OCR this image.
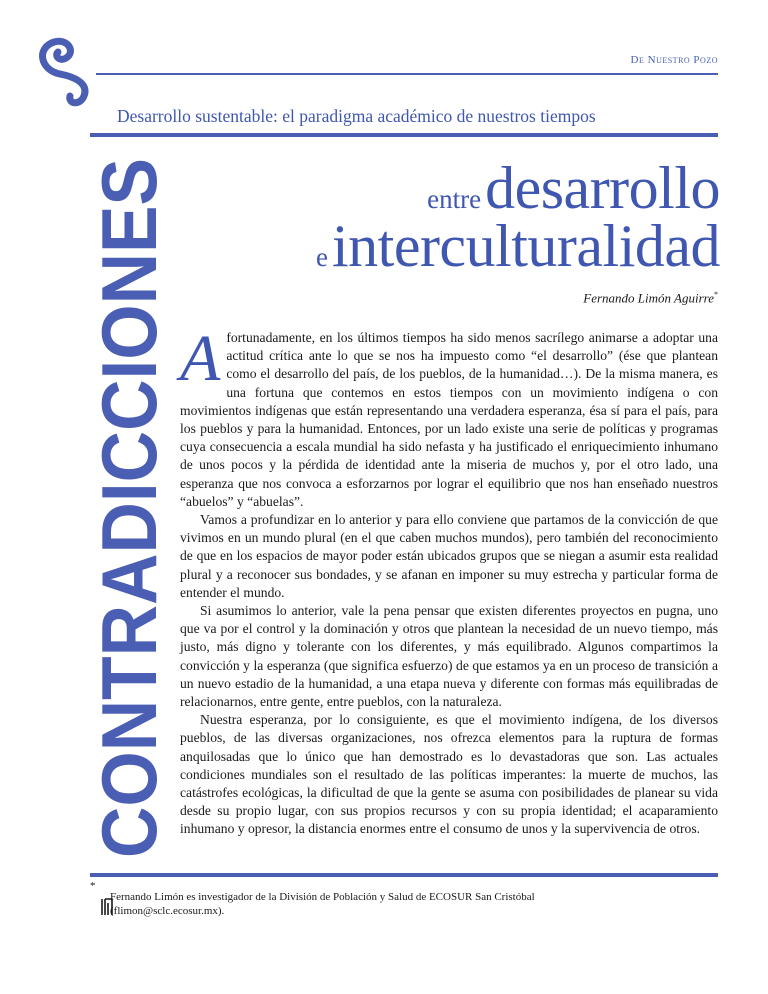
De Nuestro Pozo
Desarrollo sustentable: el paradigma académico de nuestros tiempos
CONTRADICCIONES	entre desarrollo
e interculturalidad
Fernando Limón Aguirre*

Afortunadamente, en los últimos tiempos ha sido menos sacrílego animarse a adoptar una actitud crítica ante lo que se nos ha impuesto como “el desarrollo” (ése que plantean como el desarrollo del país, de los pueblos, de la humanidad…). De la misma manera, es una fortuna que contemos en estos tiempos con un movimiento indígena o con movimientos indígenas que están representando una verdadera esperanza, ésa sí para el país, para los pueblos y para la humanidad. Entonces, por un lado existe una serie de políticas y programas cuya consecuencia a escala mundial ha sido nefasta y ha justificado el enriquecimiento inhumano de unos pocos y la pérdida de identidad ante la miseria de muchos y, por el otro lado, una esperanza que nos convoca a esforzarnos por lograr el equilibrio que nos han enseñado nuestros “abuelos” y “abuelas”.

Vamos a profundizar en lo anterior y para ello conviene que partamos de la convicción de que vivimos en un mundo plural (en el que caben muchos mundos), pero también del reconocimiento de que en los espacios de mayor poder están ubicados grupos que se niegan a asumir esta realidad plural y a reconocer sus bondades, y se afanan en imponer su muy estrecha y particular forma de entender el mundo.

Si asumimos lo anterior, vale la pena pensar que existen diferentes proyectos en pugna, uno que va por el control y la dominación y otros que plantean la necesidad de un nuevo tiempo, más justo, más digno y tolerante con los diferentes, y más equilibrado. Algunos compartimos la convicción y la esperanza (que significa esfuerzo) de que estamos ya en un proceso de transición a un nuevo estadio de la humanidad, a una etapa nueva y diferente con formas más equilibradas de relacionarnos, entre gente, entre pueblos, con la naturaleza.

Nuestra esperanza, por lo consiguiente, es que el movimiento indígena, de los diversos pueblos, de las diversas organizaciones, nos ofrezca elementos para la ruptura de formas anquilosadas que lo único que han demostrado es lo devastadoras que son. Las actuales condiciones mundiales son el resultado de las políticas imperantes: la muerte de muchos, las catástrofes ecológicas, la dificultad de que la gente se asuma con posibilidades de planear su vida desde su propio lugar, con sus propios recursos y con su propia identidad; el acaparamiento inhumano y opresor, la distancia enormes entre el consumo de unos y la supervivencia de otros.

*
Fernando Limón es investigador de la División de Población y Salud de ECOSUR San Cristóbal
(flimon@sclc.ecosur.mx).
